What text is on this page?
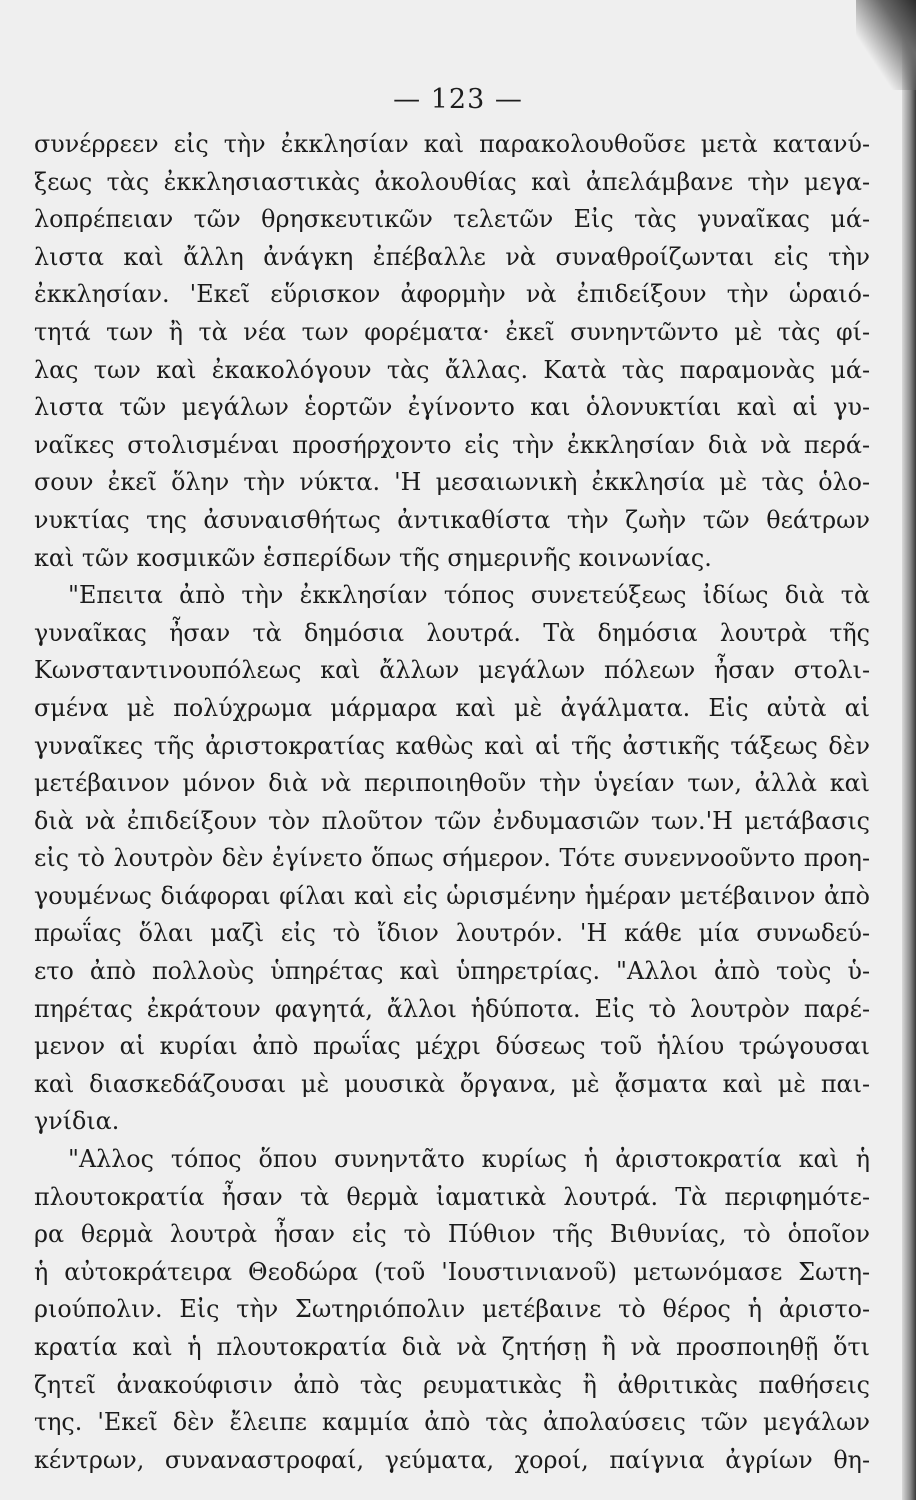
— 123 —
συνέρρεεν εἰς τὴν ἐκκλησίαν καὶ παρακολουθοῦσε μετὰ κατανύ-
ξεως τὰς ἐκκλησιαστικὰς ἀκολουθίας καὶ ἀπελάμβανε τὴν μεγα-
λοπρέπειαν τῶν θρησκευτικῶν τελετῶν Εἰς τὰς γυναῖκας μά-
λιστα καὶ ἄλλη ἀνάγκη ἐπέβαλλε νὰ συναθροίζωνται εἰς τὴν
ἐκκλησίαν. 'Εκεῖ εὕρισκον ἀφορμὴν νὰ ἐπιδείξουν τὴν ὡραιό-
τητά των ἢ τὰ νέα των φορέματα· ἐκεῖ συνηντῶντο μὲ τὰς φί-
λας των καὶ ἐκακολόγουν τὰς ἄλλας. Κατὰ τὰς παραμονὰς μά-
λιστα τῶν μεγάλων ἑορτῶν ἐγίνοντο και ὁλονυκτίαι καὶ αἱ γυ-
ναῖκες στολισμέναι προσήρχοντο εἰς τὴν ἐκκλησίαν διὰ νὰ περά-
σουν ἐκεῖ ὅλην τὴν νύκτα. 'Η μεσαιωνικὴ ἐκκλησία μὲ τὰς ὁλο-
νυκτίας της ἀσυναισθήτως ἀντικαθίστα τὴν ζωὴν τῶν θεάτρων
καὶ τῶν κοσμικῶν ἑσπερίδων τῆς σημερινῆς κοινωνίας.
"Επειτα ἀπὸ τὴν ἐκκλησίαν τόπος συνετεύξεως ἰδίως διὰ τὰ
γυναῖκας ἦσαν τὰ δημόσια λουτρά. Τὰ δημόσια λουτρὰ τῆς
Κωνσταντινουπόλεως καὶ ἄλλων μεγάλων πόλεων ἦσαν στολι-
σμένα μὲ πολύχρωμα μάρμαρα καὶ μὲ ἀγάλματα. Εἰς αὐτὰ αἱ
γυναῖκες τῆς ἀριστοκρατίας καθὼς καὶ αἱ τῆς ἀστικῆς τάξεως δὲν
μετέβαινον μόνον διὰ νὰ περιποιηθοῦν τὴν ὑγείαν των, ἀλλὰ καὶ
διὰ νὰ ἐπιδείξουν τὸν πλοῦτον τῶν ἐνδυμασιῶν των.'Η μετάβασις
εἰς τὸ λουτρὸν δὲν ἐγίνετο ὅπως σήμερον. Τότε συνεννοοῦντο προη-
γουμένως διάφοραι φίλαι καὶ εἰς ὡρισμένην ἡμέραν μετέβαινον ἀπὸ
πρωΐας ὅλαι μαζὶ εἰς τὸ ἴδιον λουτρόν. 'Η κάθε μία συνωδεύ-
ετο ἀπὸ πολλοὺς ὑπηρέτας καὶ ὑπηρετρίας. "Αλλοι ἀπὸ τοὺς ὑ-
πηρέτας ἐκράτουν φαγητά, ἄλλοι ἡδύποτα. Εἰς τὸ λουτρὸν παρέ-
μενον αἱ κυρίαι ἀπὸ πρωΐας μέχρι δύσεως τοῦ ἡλίου τρώγουσαι
καὶ διασκεδάζουσαι μὲ μουσικὰ ὄργανα, μὲ ᾄσματα καὶ μὲ παι-
γνίδια.
"Αλλος τόπος ὅπου συνηντᾶτο κυρίως ἡ ἀριστοκρατία καὶ ἡ
πλουτοκρατία ἦσαν τὰ θερμὰ ἰαματικὰ λουτρά. Τὰ περιφημότε-
ρα θερμὰ λουτρὰ ἦσαν εἰς τὸ Πύθιον τῆς Βιθυνίας, τὸ ὁποῖον
ἡ αὐτοκράτειρα Θεοδώρα (τοῦ 'Ιουστινιανοῦ) μετωνόμασε Σωτη-
ριούπολιν. Εἰς τὴν Σωτηριόπολιν μετέβαινε τὸ θέρος ἡ ἀριστο-
κρατία καὶ ἡ πλουτοκρατία διὰ νὰ ζητήσῃ ἢ νὰ προσποιηθῇ ὅτι
ζητεῖ ἀνακούφισιν ἀπὸ τὰς ρευματικὰς ἢ ἀθριτικὰς παθήσεις
της. 'Εκεῖ δὲν ἔλειπε καμμία ἀπὸ τὰς ἀπολαύσεις τῶν μεγάλων
κέντρων, συναναστροφαί, γεύματα, χοροί, παίγνια ἀγρίων θη-
